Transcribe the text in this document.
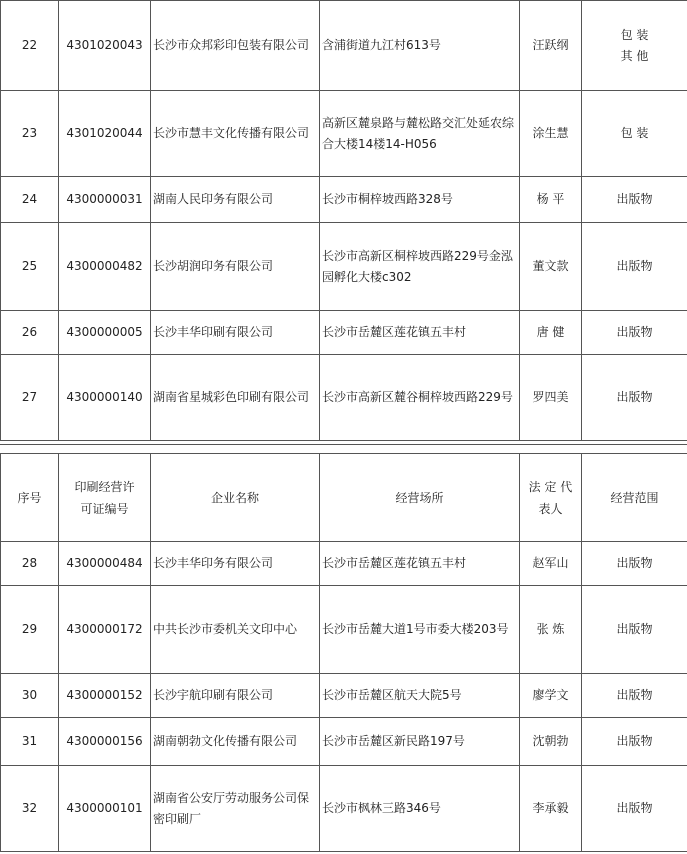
22	4301020043	长沙市众邦彩印包装有限公司	含浦街道九江村613号	汪跃纲	包 装 其 他
23	4301020044	长沙市慧丰文化传播有限公司	高新区麓泉路与麓松路交汇处延农综合大楼14楼14-H056	涂生慧	包 装
24	4300000031	湖南人民印务有限公司	长沙市桐梓坡西路328号	杨 平	出版物
25	4300000482	长沙胡润印务有限公司	长沙市高新区桐梓坡西路229号金泓园孵化大楼c302	董文款	出版物
26	4300000005	长沙丰华印刷有限公司	长沙市岳麓区莲花镇五丰村	唐 健	出版物
27	4300000140	湖南省星城彩色印刷有限公司	长沙市高新区麓谷桐梓坡西路229号	罗四美	出版物
序号	印刷经营许可证编号	企业名称	经营场所	法 定 代表人	经营范围
28	4300000484	长沙丰华印务有限公司	长沙市岳麓区莲花镇五丰村	赵军山	出版物
29	4300000172	中共长沙市委机关文印中心	长沙市岳麓大道1号市委大楼203号	张 炼	出版物
30	4300000152	长沙宇航印刷有限公司	长沙市岳麓区航天大院5号	廖学文	出版物
31	4300000156	湖南朝勃文化传播有限公司	长沙市岳麓区新民路197号	沈朝勃	出版物
32	4300000101	湖南省公安厅劳动服务公司保密印刷厂	长沙市枫林三路346号	李承毅	出版物
